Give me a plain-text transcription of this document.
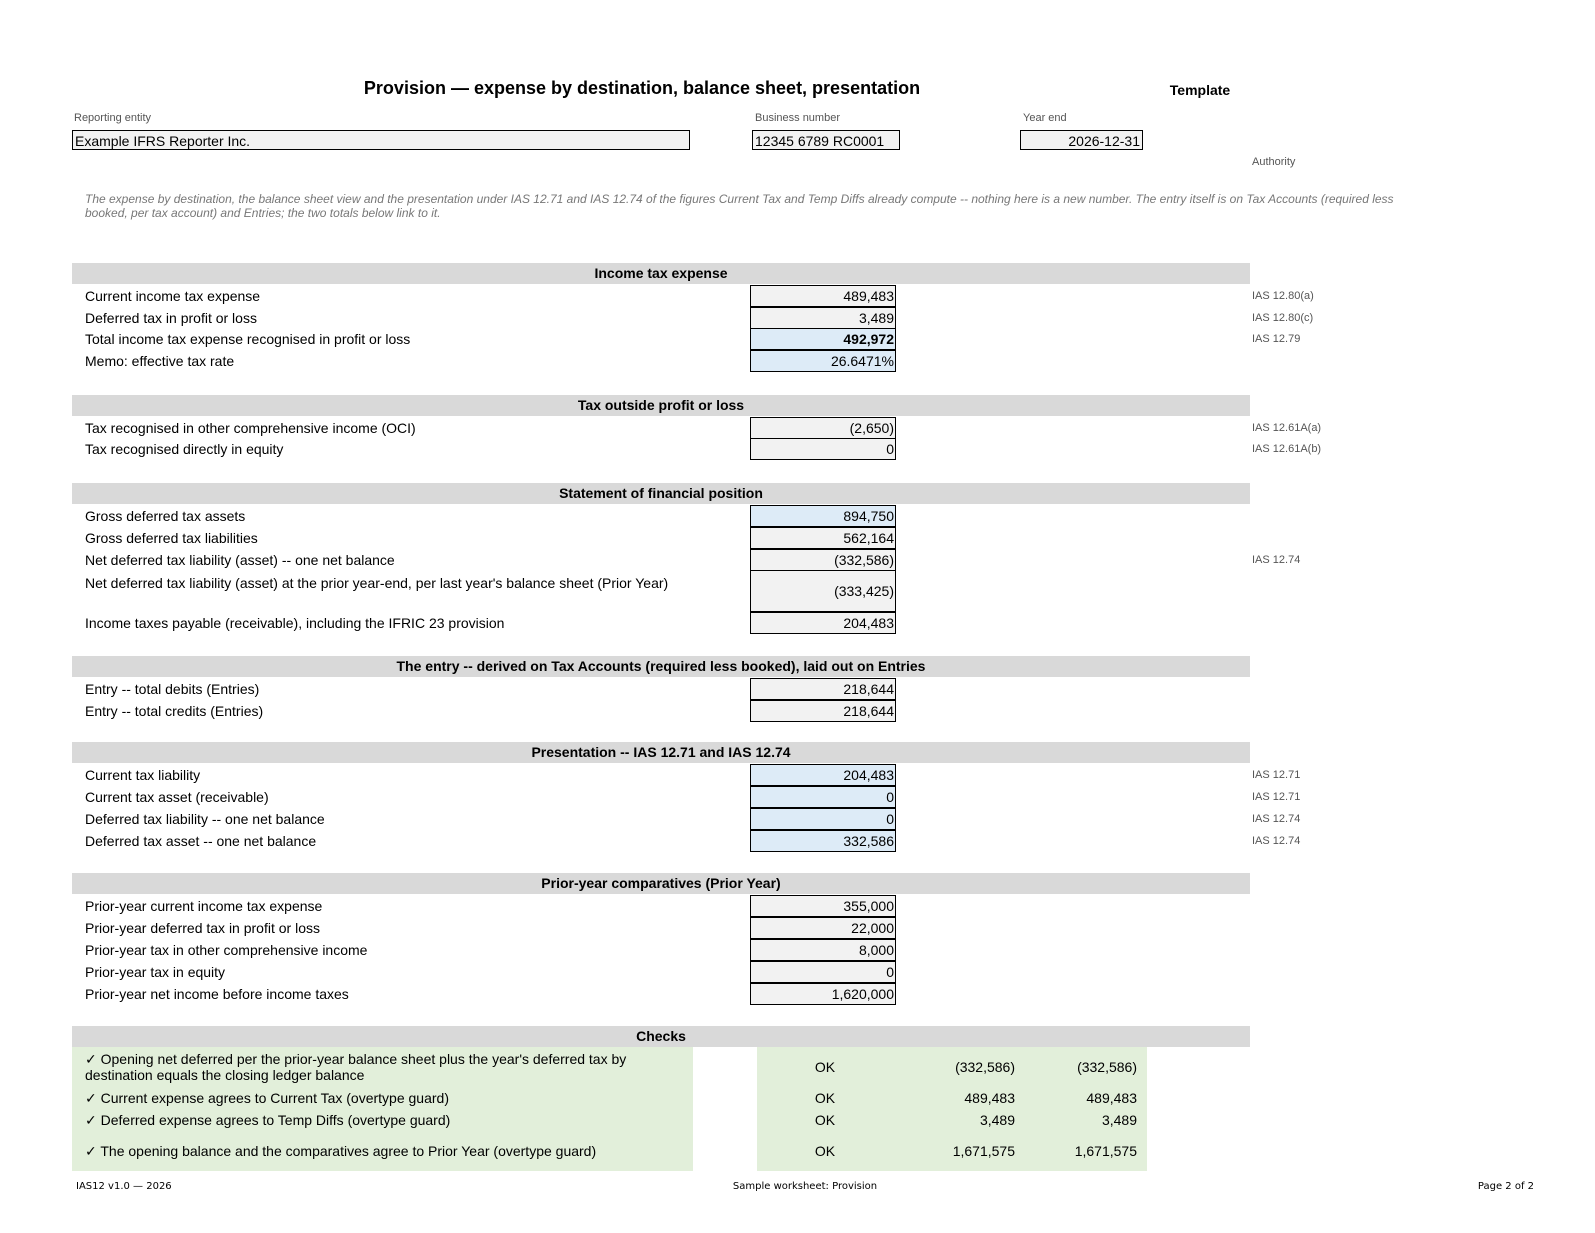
Provision — expense by destination, balance sheet, presentation	Template
Reporting entity
Example IFRS Reporter Inc.
Business number
12345 6789 RC0001
Year end
2026-12-31
Authority
The expense by destination, the balance sheet view and the presentation under IAS 12.71 and IAS 12.74 of the figures Current Tax and Temp Diffs already compute -- nothing here is a new number. The entry itself is on Tax Accounts (required less booked, per tax account) and Entries; the two totals below link to it.
Income tax expense
Current income tax expense	489,483	IAS 12.80(a)
Deferred tax in profit or loss	3,489	IAS 12.80(c)
Total income tax expense recognised in profit or loss	492,972	IAS 12.79
Memo: effective tax rate	26.6471%
Tax outside profit or loss
Tax recognised in other comprehensive income (OCI)	(2,650)	IAS 12.61A(a)
Tax recognised directly in equity	0	IAS 12.61A(b)
Statement of financial position
Gross deferred tax assets	894,750
Gross deferred tax liabilities	562,164
Net deferred tax liability (asset) -- one net balance	(332,586)	IAS 12.74
Net deferred tax liability (asset) at the prior year-end, per last year's balance sheet (Prior Year)	(333,425)
Income taxes payable (receivable), including the IFRIC 23 provision	204,483
The entry -- derived on Tax Accounts (required less booked), laid out on Entries
Entry -- total debits (Entries)	218,644
Entry -- total credits (Entries)	218,644
Presentation -- IAS 12.71 and IAS 12.74
Current tax liability	204,483	IAS 12.71
Current tax asset (receivable)	0	IAS 12.71
Deferred tax liability -- one net balance	0	IAS 12.74
Deferred tax asset -- one net balance	332,586	IAS 12.74
Prior-year comparatives (Prior Year)
Prior-year current income tax expense	355,000
Prior-year deferred tax in profit or loss	22,000
Prior-year tax in other comprehensive income	8,000
Prior-year tax in equity	0
Prior-year net income before income taxes	1,620,000
Checks
✓ Opening net deferred per the prior-year balance sheet plus the year's deferred tax by destination equals the closing ledger balance	OK	(332,586)	(332,586)
✓ Current expense agrees to Current Tax (overtype guard)	OK	489,483	489,483
✓ Deferred expense agrees to Temp Diffs (overtype guard)	OK	3,489	3,489
✓ The opening balance and the comparatives agree to Prior Year (overtype guard)	OK	1,671,575	1,671,575
IAS12 v1.0 — 2026	Sample worksheet: Provision	Page 2 of 2
